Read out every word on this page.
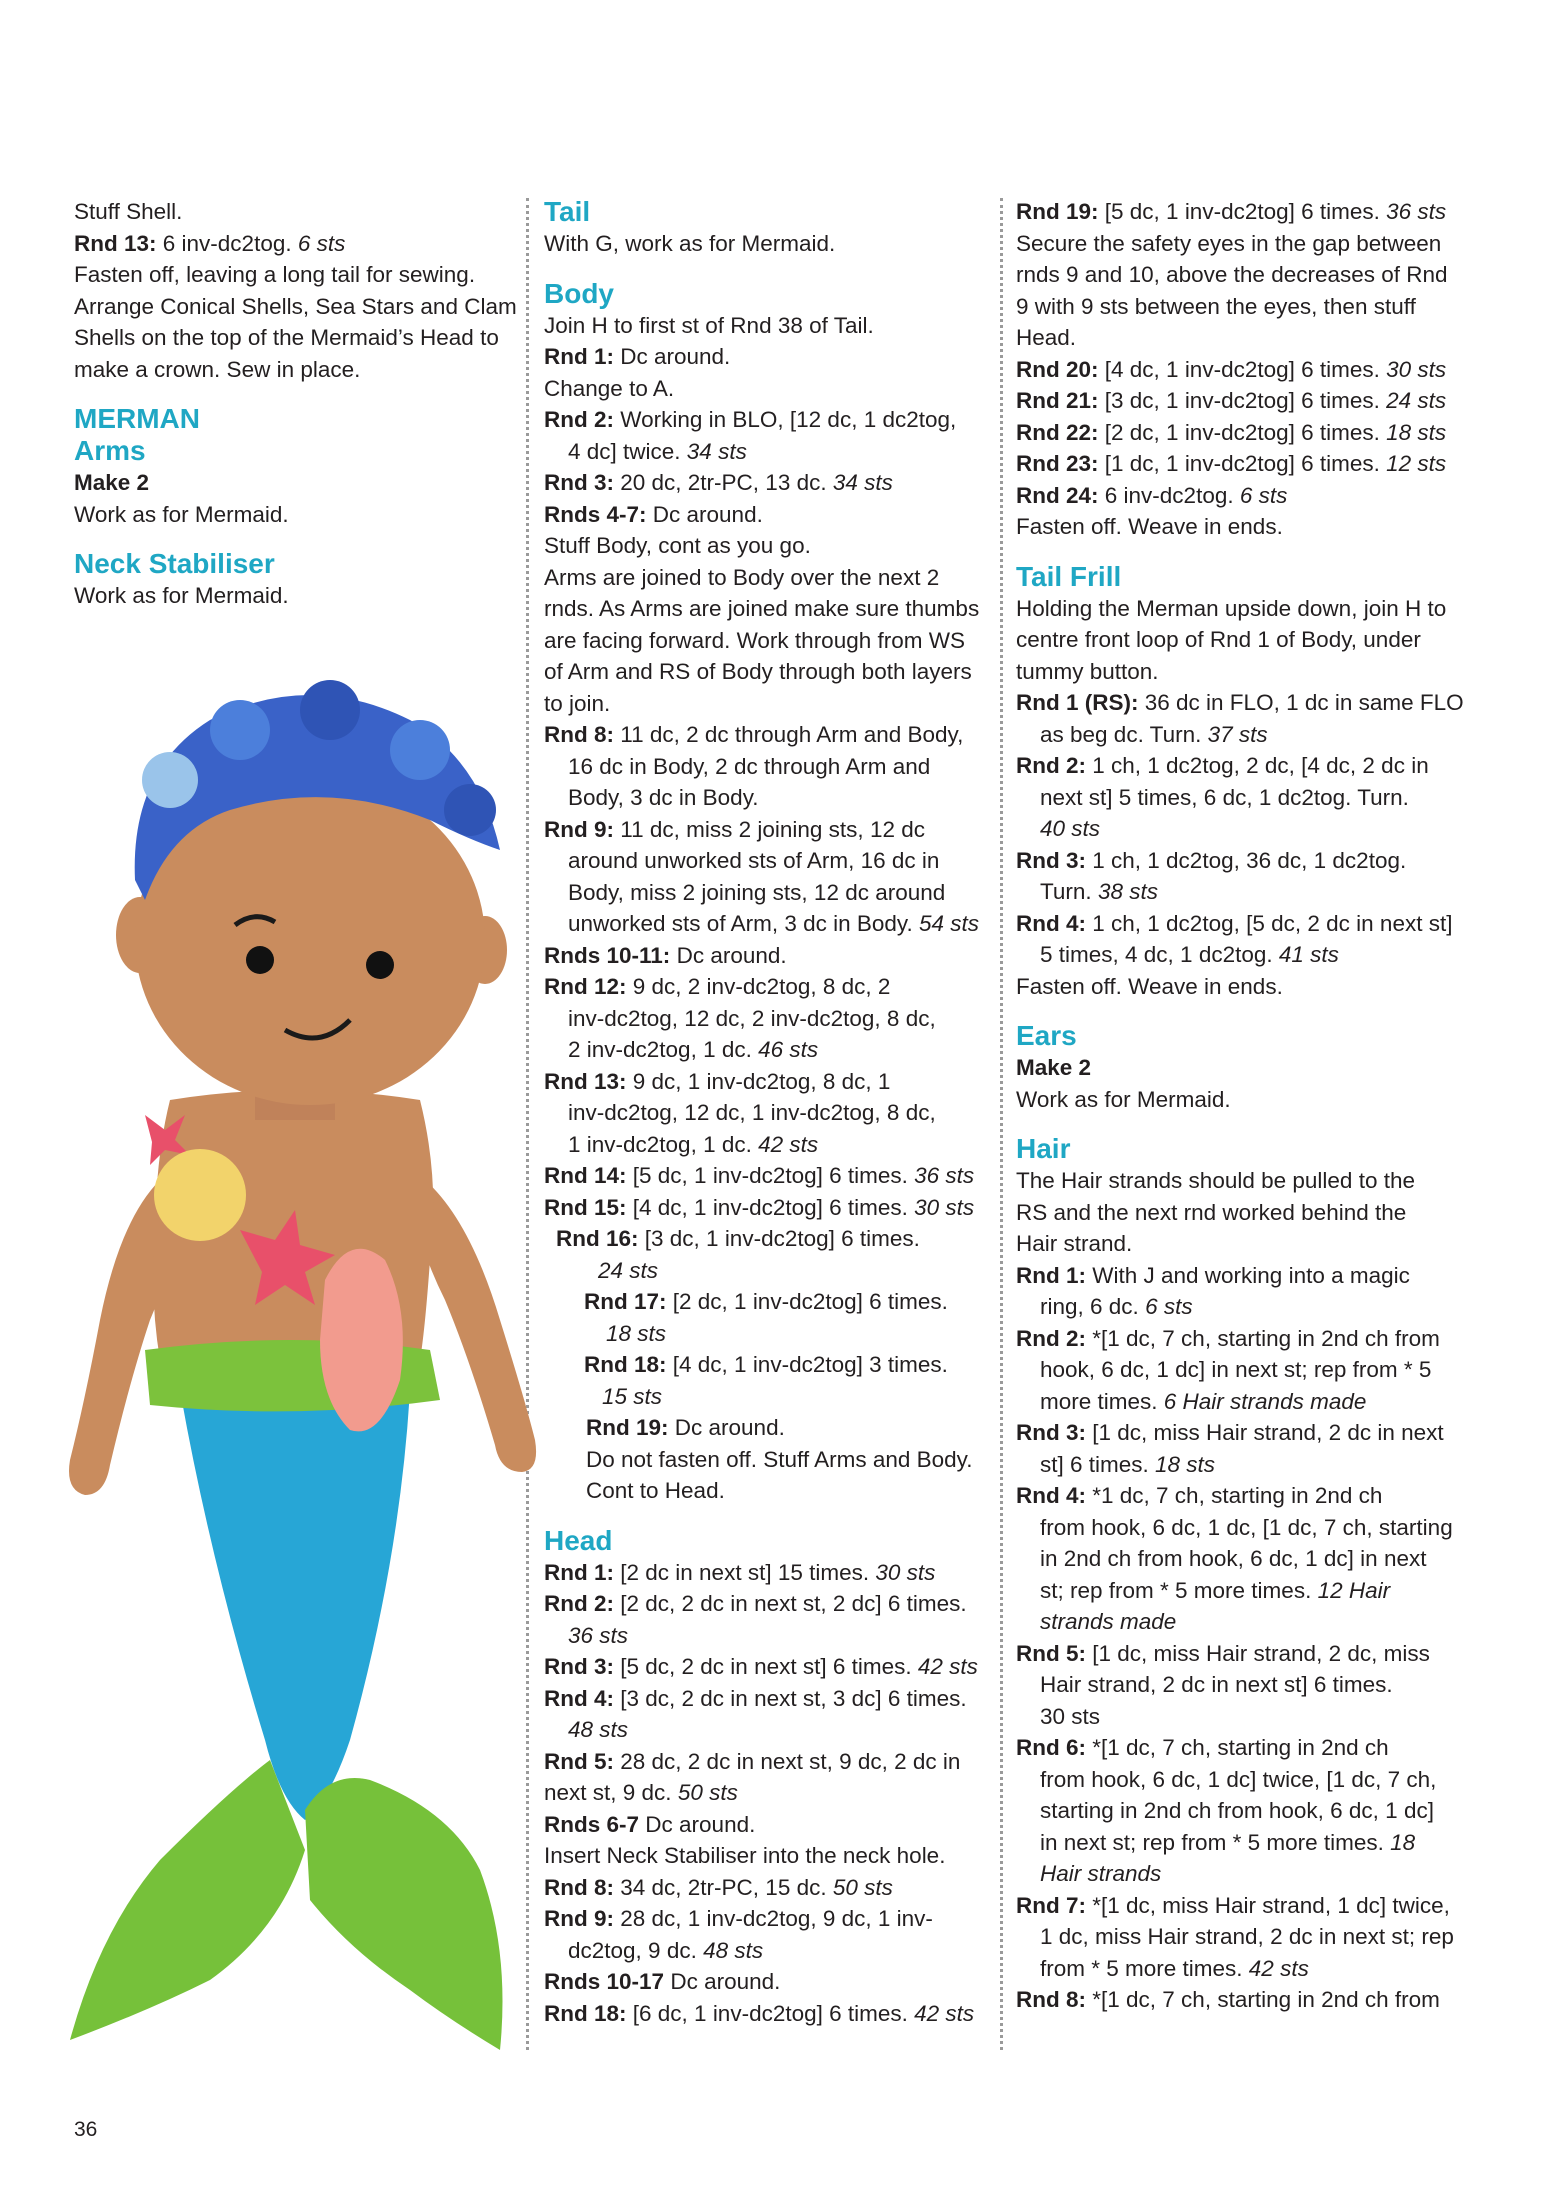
Stuff Shell.
Rnd 13: 6 inv-dc2tog. 6 sts
Fasten off, leaving a long tail for sewing.
Arrange Conical Shells, Sea Stars and Clam
Shells on the top of the Mermaid’s Head to
make a crown. Sew in place.
MERMAN
Arms
Make 2
Work as for Mermaid.
Neck Stabiliser
Work as for Mermaid.
Tail
With G, work as for Mermaid.
Body
Join H to first st of Rnd 38 of Tail.
Rnd 1: Dc around.
Change to A.
Rnd 2: Working in BLO, [12 dc, 1 dc2tog,
4 dc] twice. 34 sts
Rnd 3: 20 dc, 2tr-PC, 13 dc. 34 sts
Rnds 4-7: Dc around.
Stuff Body, cont as you go.
Arms are joined to Body over the next 2
rnds. As Arms are joined make sure thumbs
are facing forward. Work through from WS
of Arm and RS of Body through both layers
to join.
Rnd 8: 11 dc, 2 dc through Arm and Body,
16 dc in Body, 2 dc through Arm and
Body, 3 dc in Body.
Rnd 9: 11 dc, miss 2 joining sts, 12 dc
around unworked sts of Arm, 16 dc in
Body, miss 2 joining sts, 12 dc around
unworked sts of Arm, 3 dc in Body. 54 sts
Rnds 10-11: Dc around.
Rnd 12: 9 dc, 2 inv-dc2tog, 8 dc, 2
inv-dc2tog, 12 dc, 2 inv-dc2tog, 8 dc,
2 inv-dc2tog, 1 dc. 46 sts
Rnd 13: 9 dc, 1 inv-dc2tog, 8 dc, 1
inv-dc2tog, 12 dc, 1 inv-dc2tog, 8 dc,
1 inv-dc2tog, 1 dc. 42 sts
Rnd 14: [5 dc, 1 inv-dc2tog] 6 times. 36 sts
Rnd 15: [4 dc, 1 inv-dc2tog] 6 times. 30 sts
Rnd 16: [3 dc, 1 inv-dc2tog] 6 times.
24 sts
Rnd 17: [2 dc, 1 inv-dc2tog] 6 times.
18 sts
Rnd 18: [4 dc, 1 inv-dc2tog] 3 times.
15 sts
Rnd 19: Dc around.
Do not fasten off. Stuff Arms and Body.
Cont to Head.
Head
Rnd 1: [2 dc in next st] 15 times. 30 sts
Rnd 2: [2 dc, 2 dc in next st, 2 dc] 6 times.
36 sts
Rnd 3: [5 dc, 2 dc in next st] 6 times. 42 sts
Rnd 4: [3 dc, 2 dc in next st, 3 dc] 6 times.
48 sts
Rnd 5: 28 dc, 2 dc in next st, 9 dc, 2 dc in
next st, 9 dc. 50 sts
Rnds 6-7 Dc around.
Insert Neck Stabiliser into the neck hole.
Rnd 8: 34 dc, 2tr-PC, 15 dc. 50 sts
Rnd 9: 28 dc, 1 inv-dc2tog, 9 dc, 1 inv-
dc2tog, 9 dc. 48 sts
Rnds 10-17 Dc around.
Rnd 18: [6 dc, 1 inv-dc2tog] 6 times. 42 sts
Rnd 19: [5 dc, 1 inv-dc2tog] 6 times. 36 sts
Secure the safety eyes in the gap between
rnds 9 and 10, above the decreases of Rnd
9 with 9 sts between the eyes, then stuff
Head.
Rnd 20: [4 dc, 1 inv-dc2tog] 6 times. 30 sts
Rnd 21: [3 dc, 1 inv-dc2tog] 6 times. 24 sts
Rnd 22: [2 dc, 1 inv-dc2tog] 6 times. 18 sts
Rnd 23: [1 dc, 1 inv-dc2tog] 6 times. 12 sts
Rnd 24: 6 inv-dc2tog. 6 sts
Fasten off. Weave in ends.
Tail Frill
Holding the Merman upside down, join H to
centre front loop of Rnd 1 of Body, under
tummy button.
Rnd 1 (RS): 36 dc in FLO, 1 dc in same FLO
as beg dc. Turn. 37 sts
Rnd 2: 1 ch, 1 dc2tog, 2 dc, [4 dc, 2 dc in
next st] 5 times, 6 dc, 1 dc2tog. Turn.
40 sts
Rnd 3: 1 ch, 1 dc2tog, 36 dc, 1 dc2tog.
Turn. 38 sts
Rnd 4: 1 ch, 1 dc2tog, [5 dc, 2 dc in next st]
5 times, 4 dc, 1 dc2tog. 41 sts
Fasten off. Weave in ends.
Ears
Make 2
Work as for Mermaid.
Hair
The Hair strands should be pulled to the
RS and the next rnd worked behind the
Hair strand.
Rnd 1: With J and working into a magic
ring, 6 dc. 6 sts
Rnd 2: *[1 dc, 7 ch, starting in 2nd ch from
hook, 6 dc, 1 dc] in next st; rep from * 5
more times. 6 Hair strands made
Rnd 3: [1 dc, miss Hair strand, 2 dc in next
st] 6 times. 18 sts
Rnd 4: *1 dc, 7 ch, starting in 2nd ch
from hook, 6 dc, 1 dc, [1 dc, 7 ch, starting
in 2nd ch from hook, 6 dc, 1 dc] in next
st; rep from * 5 more times. 12 Hair
strands made
Rnd 5: [1 dc, miss Hair strand, 2 dc, miss
Hair strand, 2 dc in next st] 6 times.
30 sts
Rnd 6: *[1 dc, 7 ch, starting in 2nd ch
from hook, 6 dc, 1 dc] twice, [1 dc, 7 ch,
starting in 2nd ch from hook, 6 dc, 1 dc]
in next st; rep from * 5 more times. 18
Hair strands
Rnd 7: *[1 dc, miss Hair strand, 1 dc] twice,
1 dc, miss Hair strand, 2 dc in next st; rep
from * 5 more times. 42 sts
Rnd 8: *[1 dc, 7 ch, starting in 2nd ch from
36
